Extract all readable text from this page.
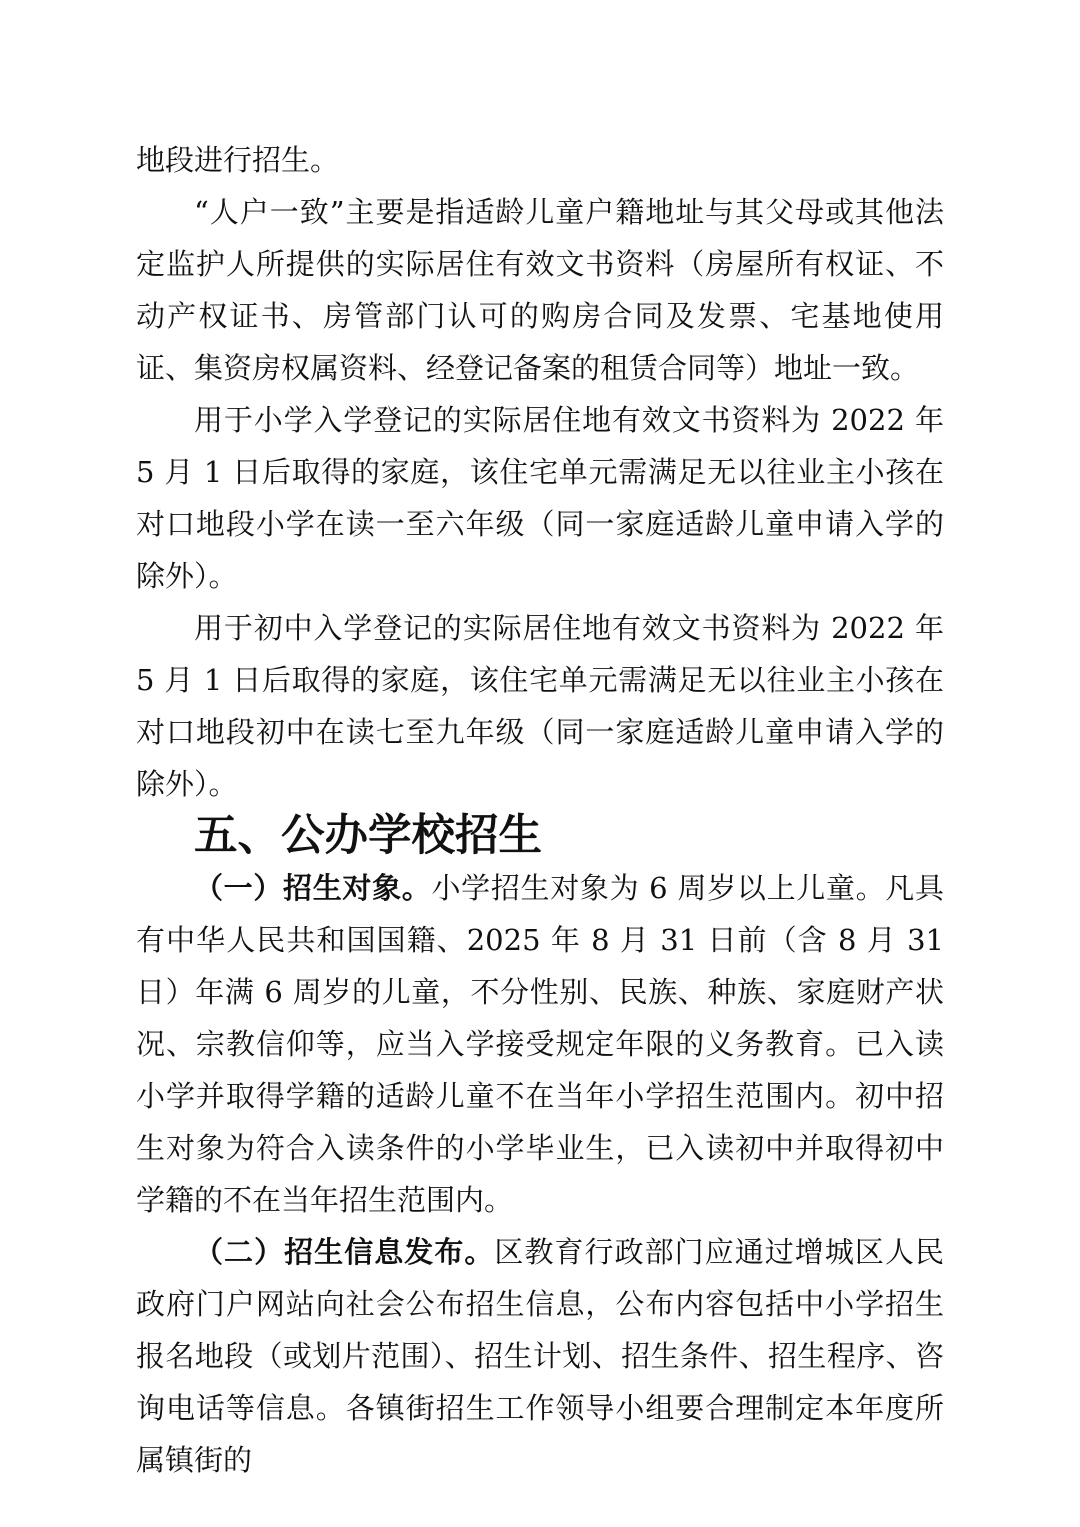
地段进行招生。

“人户一致”主要是指适龄儿童户籍地址与其父母或其他法定监护人所提供的实际居住有效文书资料（房屋所有权证、不动产权证书、房管部门认可的购房合同及发票、宅基地使用证、集资房权属资料、经登记备案的租赁合同等）地址一致。

用于小学入学登记的实际居住地有效文书资料为 2022 年 5 月 1 日后取得的家庭，该住宅单元需满足无以往业主小孩在对口地段小学在读一至六年级（同一家庭适龄儿童申请入学的除外）。

用于初中入学登记的实际居住地有效文书资料为 2022 年 5 月 1 日后取得的家庭，该住宅单元需满足无以往业主小孩在对口地段初中在读七至九年级（同一家庭适龄儿童申请入学的除外）。

五、公办学校招生

（一）招生对象。小学招生对象为 6 周岁以上儿童。凡具有中华人民共和国国籍、2025 年 8 月 31 日前（含 8 月 31 日）年满 6 周岁的儿童，不分性别、民族、种族、家庭财产状况、宗教信仰等，应当入学接受规定年限的义务教育。已入读小学并取得学籍的适龄儿童不在当年小学招生范围内。初中招生对象为符合入读条件的小学毕业生，已入读初中并取得初中学籍的不在当年招生范围内。

（二）招生信息发布。区教育行政部门应通过增城区人民政府门户网站向社会公布招生信息，公布内容包括中小学招生报名地段（或划片范围）、招生计划、招生条件、招生程序、咨询电话等信息。各镇街招生工作领导小组要合理制定本年度所属镇街的
